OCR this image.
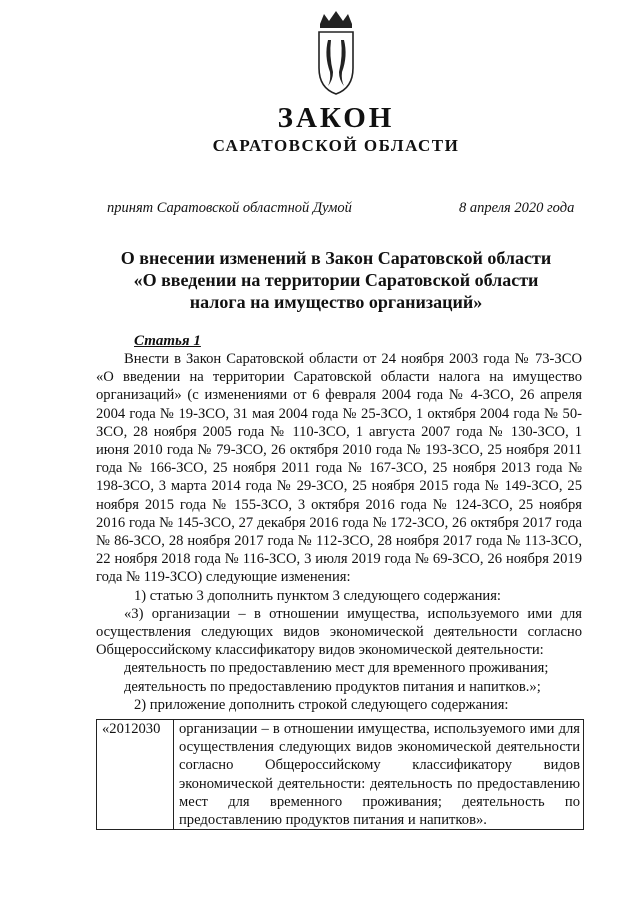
ЗАКОН
САРАТОВСКОЙ ОБЛАСТИ
принят Саратовской областной Думой	8 апреля 2020 года
О внесении изменений в Закон Саратовской области
«О введении на территории Саратовской области
налога на имущество организаций»
Статья 1

Внести в Закон Саратовской области от 24 ноября 2003 года № 73-ЗСО «О введении на территории Саратовской области налога на имущество организаций» (с изменениями от 6 февраля 2004 года № 4-ЗСО, 26 апреля 2004 года № 19-ЗСО, 31 мая 2004 года № 25-ЗСО, 1 октября 2004 года № 50-ЗСО, 28 ноября 2005 года № 110-ЗСО, 1 августа 2007 года № 130-ЗСО, 1 июня 2010 года № 79-ЗСО, 26 октября 2010 года № 193-ЗСО, 25 ноября 2011 года № 166-ЗСО, 25 ноября 2011 года № 167-ЗСО, 25 ноября 2013 года № 198-ЗСО, 3 марта 2014 года № 29-ЗСО, 25 ноября 2015 года № 149-ЗСО, 25 ноября 2015 года № 155-ЗСО, 3 октября 2016 года № 124-ЗСО, 25 ноября 2016 года № 145-ЗСО, 27 декабря 2016 года № 172-ЗСО, 26 октября 2017 года № 86-ЗСО, 28 ноября 2017 года № 112-ЗСО, 28 ноября 2017 года № 113-ЗСО, 22 ноября 2018 года № 116-ЗСО, 3 июля 2019 года № 69-ЗСО, 26 ноября 2019 года № 119-ЗСО) следующие изменения:

1) статью 3 дополнить пунктом 3 следующего содержания:

«3) организации – в отношении имущества, используемого ими для осуществления следующих видов экономической деятельности согласно Общероссийскому классификатору видов экономической деятельности:

деятельность по предоставлению мест для временного проживания;

деятельность по предоставлению продуктов питания и напитков.»;

2) приложение дополнить строкой следующего содержания:

«2012030	организации – в отношении имущества, используемого ими для осуществления следующих видов экономической деятельности согласно Общероссийскому классификатору видов экономической деятельности: деятельность по предоставлению мест для временного проживания; деятельность по предоставлению продуктов питания и напитков».
